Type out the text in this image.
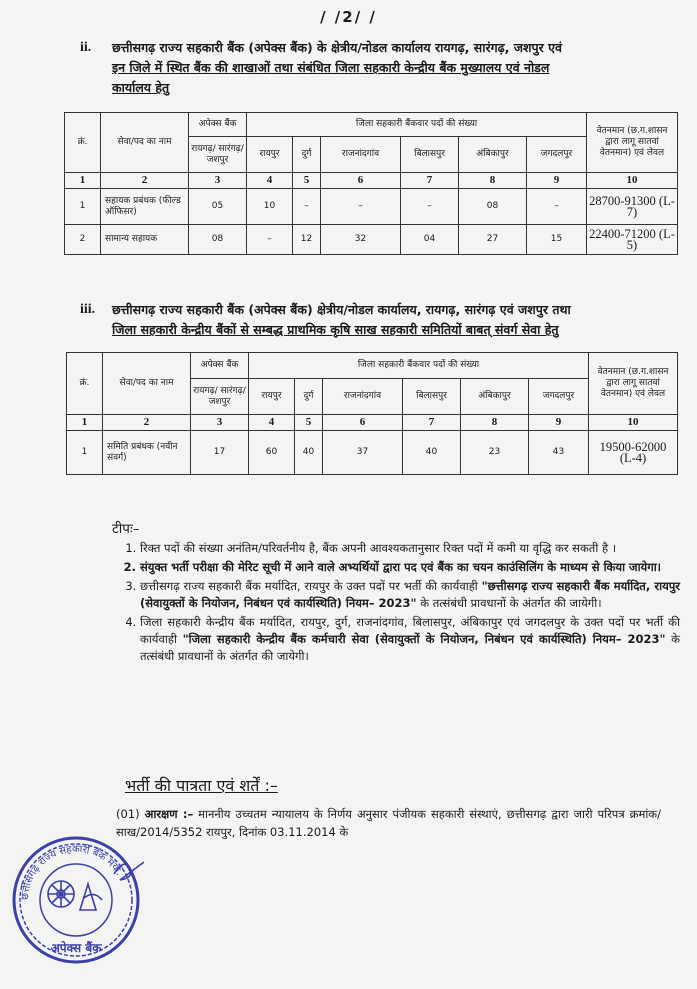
/ /2/ /
ii. छत्तीसगढ़ राज्य सहकारी बैंक (अपेक्स बैंक) के क्षेत्रीय/नोडल कार्यालय रायगढ़, सारंगढ़, जशपुर एवं
इन जिले में स्थित बैंक की शाखाओं तथा संबंधित जिला सहकारी केन्द्रीय बैंक मुख्यालय एवं नोडल
कार्यालय हेतु
क्रं.	सेवा/पद का नाम	अपेक्स बैंक	जिला सहकारी बैंकवार पदों की संख्या						वेतनमान (छ.ग.शासन द्वारा लागू सातवां वेतनमान) एवं लेवल
		रायगढ़/ सारंगढ़/ जशपुर	रायपुर	दुर्ग	राजनांदगांव	बिलासपुर	अंबिकापुर	जगदलपुर	
1	2	3	4	5	6	7	8	9	10
1	सहायक प्रबंधक (फील्ड ऑफिसर)	05	10	–	–	–	08	–	28700-91300 (L-7)
2	सामान्य सहायक	08	–	12	32	04	27	15	22400-71200 (L-5)
iii. छत्तीसगढ़ राज्य सहकारी बैंक (अपेक्स बैंक) क्षेत्रीय/नोडल कार्यालय, रायगढ़, सारंगढ़ एवं जशपुर तथा
जिला सहकारी केन्द्रीय बैंकों से सम्बद्ध प्राथमिक कृषि साख सहकारी समितियों बाबत् संवर्ग सेवा हेतु
क्रं.	सेवा/पद का नाम	अपेक्स बैंक	जिला सहकारी बैंकवार पदों की संख्या						वेतनमान (छ.ग.शासन द्वारा लागू सातवां वेतनमान) एवं लेवल
		रायगढ़/ सारंगढ़/ जशपुर	रायपुर	दुर्ग	राजनांदगांव	बिलासपुर	अंबिकापुर	जगदलपुर	
1	2	3	4	5	6	7	8	9	10
1	समिति प्रबंधक (नवीन संवर्ग)	17	60	40	37	40	23	43	19500-62000 (L-4)
टीपः–
1. रिक्त पदों की संख्या अनंतिम/परिवर्तनीय है, बैंक अपनी आवश्यकतानुसार रिक्त पदों में कमी या वृद्धि कर सकती है ।
2. संयुक्त भर्ती परीक्षा की मेरिट सूची में आने वाले अभ्यर्थियों द्वारा पद एवं बैंक का चयन काउंसिलिंग के माध्यम से किया जायेगा।
3. छत्तीसगढ़ राज्य सहकारी बैंक मर्यादित, रायपुर के उक्त पदों पर भर्ती की कार्यवाही "छत्तीसगढ़ राज्य सहकारी बैंक मर्यादित, रायपुर (सेवायुक्तों के नियोजन, निबंधन एवं कार्यस्थिति) नियम– 2023" के तत्संबंधी प्रावधानों के अंतर्गत की जायेगी।
4. जिला सहकारी केन्द्रीय बैंक मर्यादित, रायपुर, दुर्ग, राजनांदगांव, बिलासपुर, अंबिकापुर एवं जगदलपुर के उक्त पदों पर भर्ती की कार्यवाही "जिला सहकारी केन्द्रीय बैंक कर्मचारी सेवा (सेवायुक्तों के नियोजन, निबंधन एवं कार्यस्थिति) नियम– 2023" के तत्संबंधी प्रावधानों के अंतर्गत की जायेगी।
भर्ती की पात्रता एवं शर्तें :–
(01) आरक्षण :– माननीय उच्चतम न्यायालय के निर्णय अनुसार पंजीयक सहकारी संस्थाएं, छत्तीसगढ़ द्वारा जारी परिपत्र क्रमांक/साख/2014/5352 रायपुर, दिनांक 03.11.2014 के
छत्तीसगढ़ राज्य सहकारी बैंक मर्या.
अपेक्स बैंक
